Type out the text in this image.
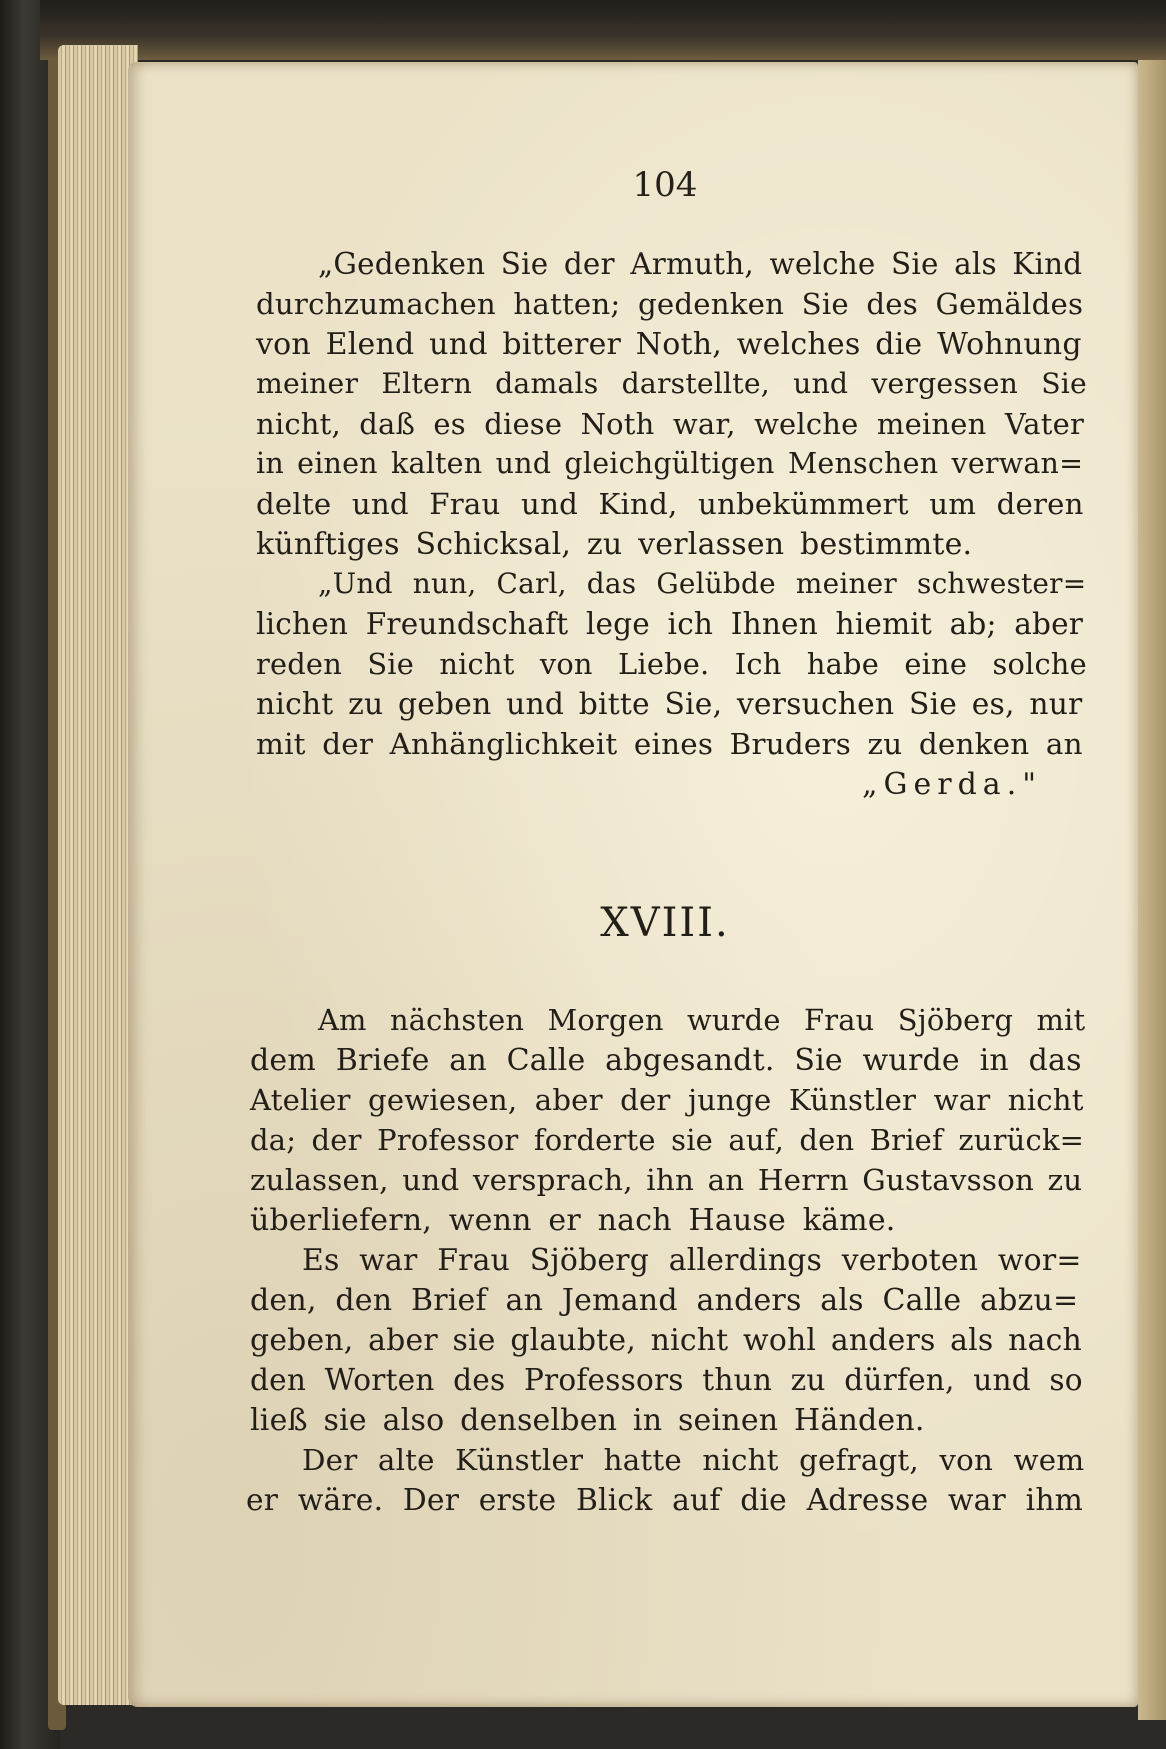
104
„Gedenken Sie der Armuth, welche Sie als Kind
durchzumachen hatten; gedenken Sie des Gemäldes
von Elend und bitterer Noth, welches die Wohnung
meiner Eltern damals darstellte, und vergessen Sie
nicht, daß es diese Noth war, welche meinen Vater
in einen kalten und gleichgültigen Menschen verwan=
delte und Frau und Kind, unbekümmert um deren
künftiges Schicksal, zu verlassen bestimmte.
„Und nun, Carl, das Gelübde meiner schwester=
lichen Freundschaft lege ich Ihnen hiemit ab; aber
reden Sie nicht von Liebe. Ich habe eine solche
nicht zu geben und bitte Sie, versuchen Sie es, nur
mit der Anhänglichkeit eines Bruders zu denken an
„Gerda."
XVIII.
Am nächsten Morgen wurde Frau Sjöberg mit
dem Briefe an Calle abgesandt. Sie wurde in das
Atelier gewiesen, aber der junge Künstler war nicht
da; der Professor forderte sie auf, den Brief zurück=
zulassen, und versprach, ihn an Herrn Gustavsson zu
überliefern, wenn er nach Hause käme.
Es war Frau Sjöberg allerdings verboten wor=
den, den Brief an Jemand anders als Calle abzu=
geben, aber sie glaubte, nicht wohl anders als nach
den Worten des Professors thun zu dürfen, und so
ließ sie also denselben in seinen Händen.
Der alte Künstler hatte nicht gefragt, von wem
er wäre. Der erste Blick auf die Adresse war ihm
